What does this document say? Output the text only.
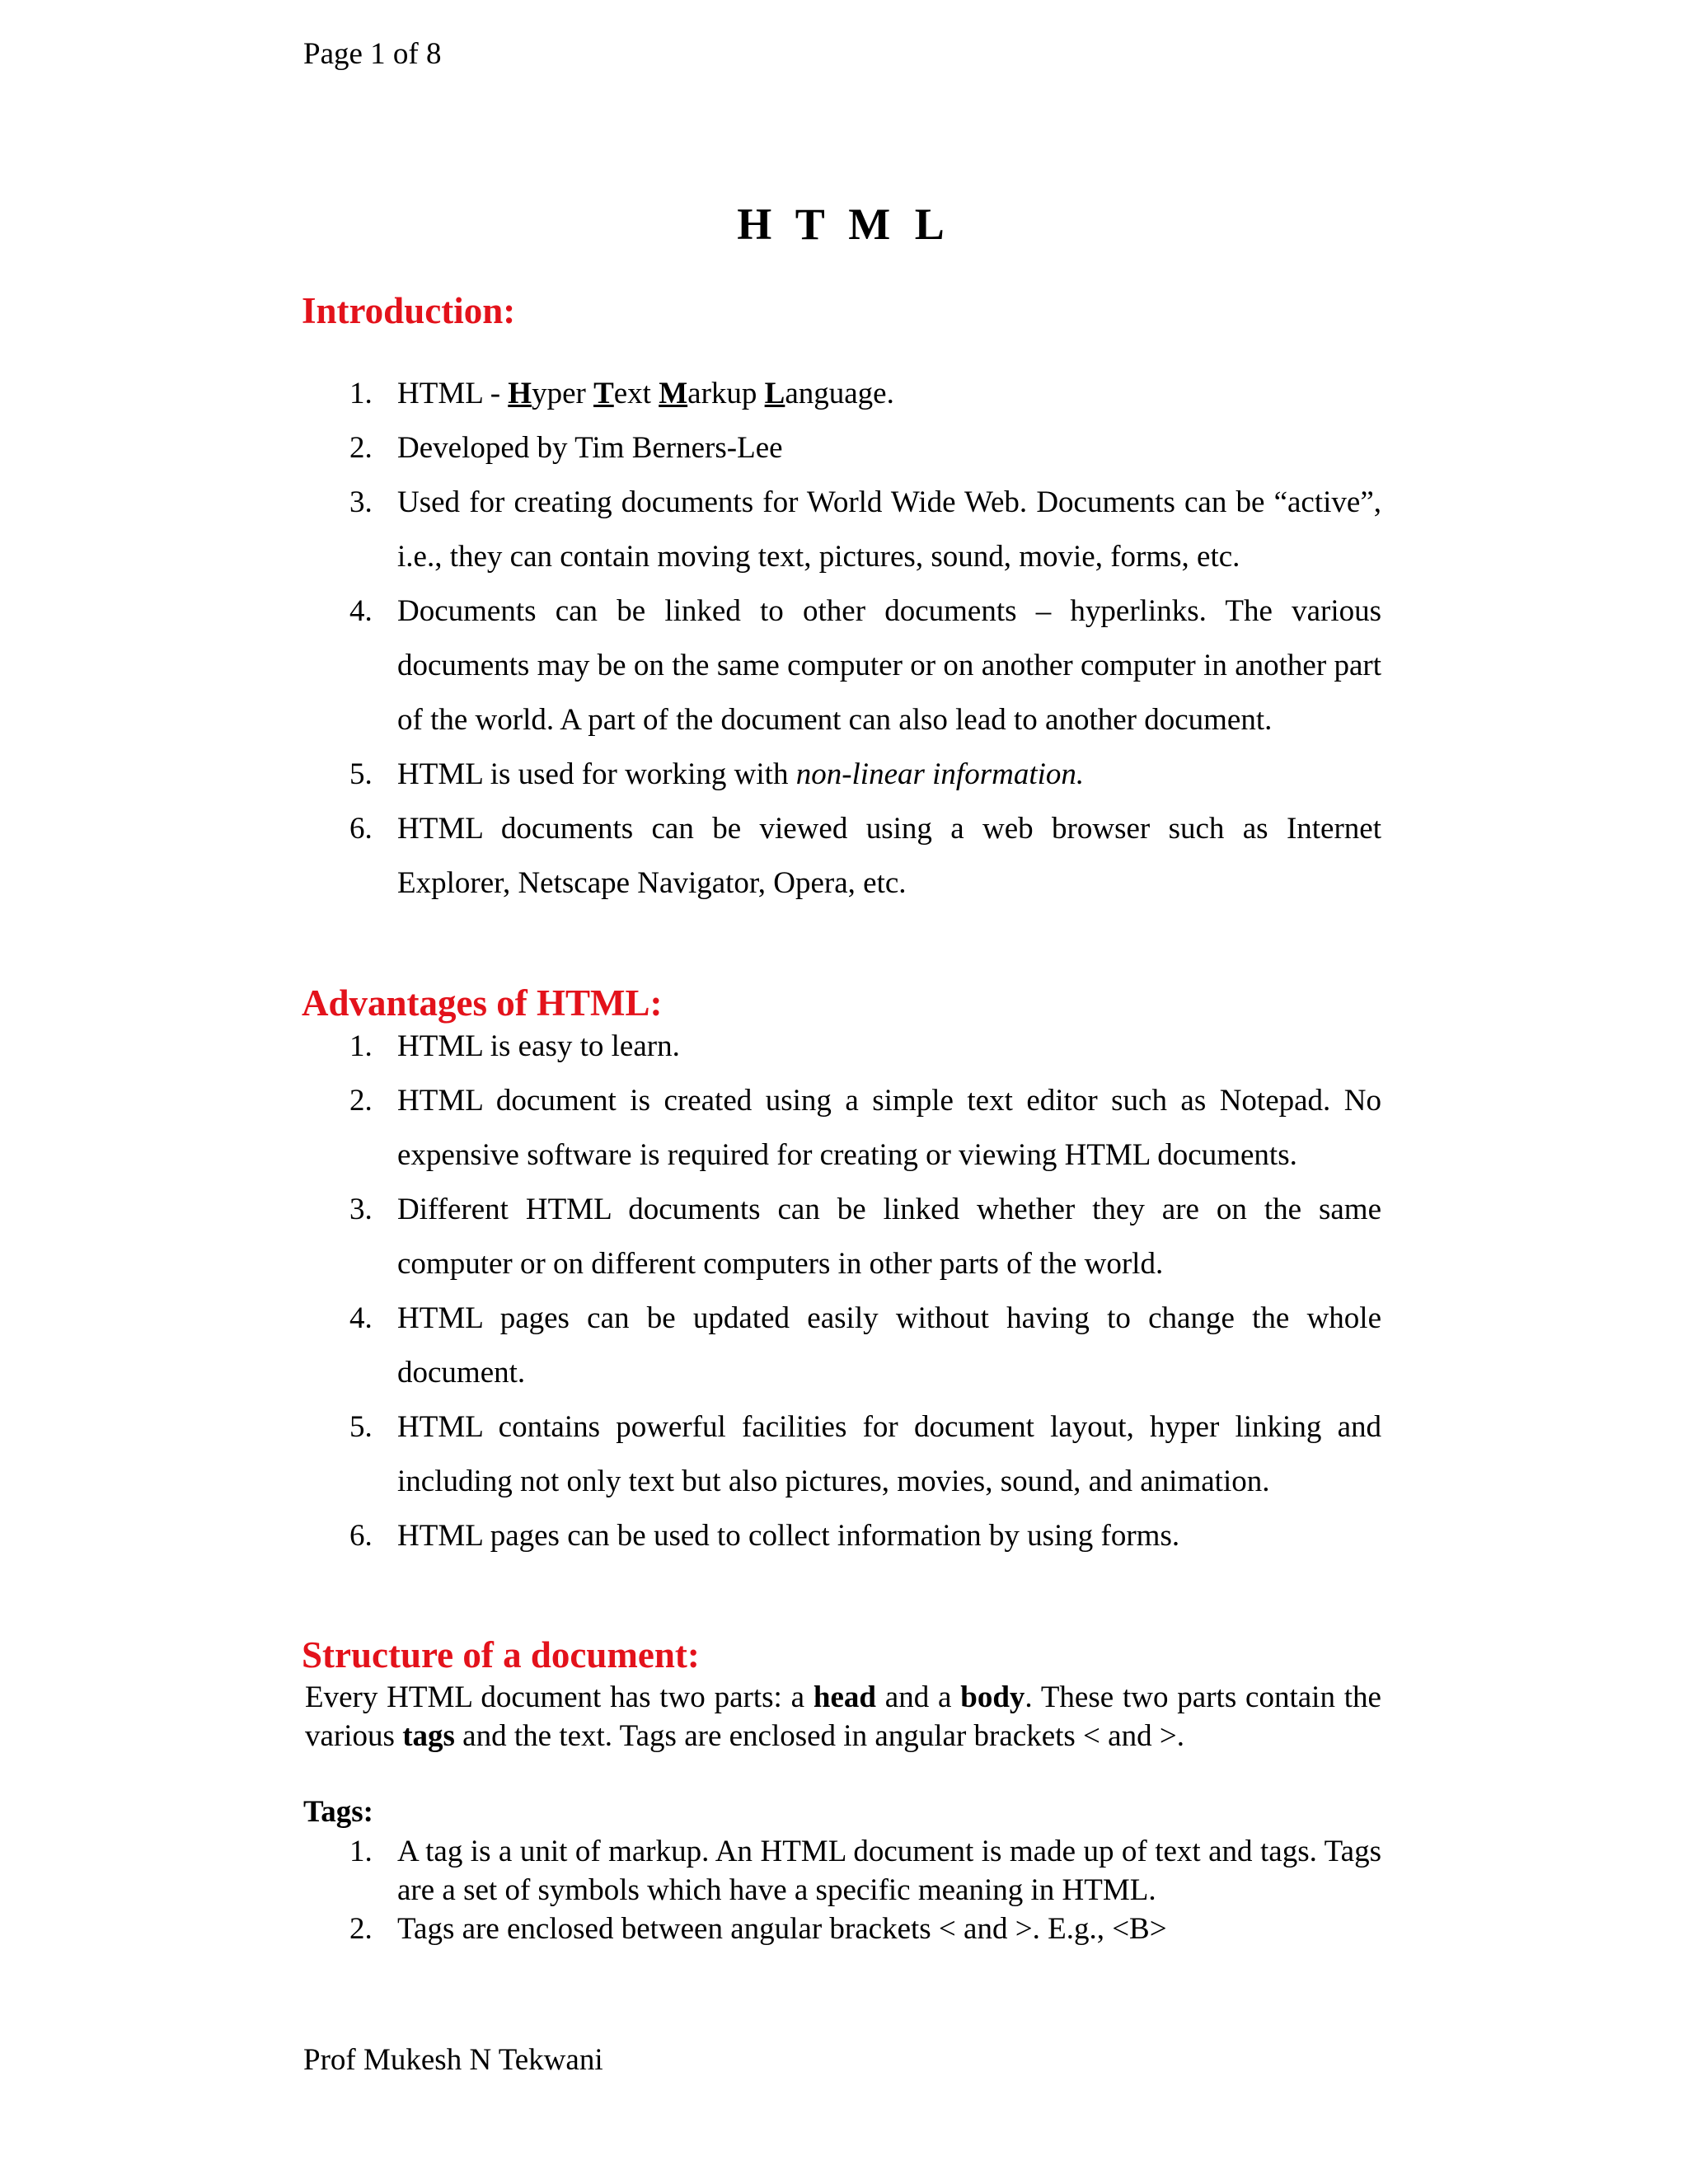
Page 1 of 8
H T M L
Introduction:
1. HTML - Hyper Text Markup Language.
2. Developed by Tim Berners-Lee
3. Used for creating documents for World Wide Web. Documents can be “active”, i.e., they can contain moving text, pictures, sound, movie, forms, etc.
4. Documents can be linked to other documents – hyperlinks. The various documents may be on the same computer or on another computer in another part of the world. A part of the document can also lead to another document.
5. HTML is used for working with non-linear information.
6. HTML documents can be viewed using a web browser such as Internet Explorer, Netscape Navigator, Opera, etc.
Advantages of HTML:
1. HTML is easy to learn.
2. HTML document is created using a simple text editor such as Notepad. No expensive software is required for creating or viewing HTML documents.
3. Different HTML documents can be linked whether they are on the same computer or on different computers in other parts of the world.
4. HTML pages can be updated easily without having to change the whole document.
5. HTML contains powerful facilities for document layout, hyper linking and including not only text but also pictures, movies, sound, and animation.
6. HTML pages can be used to collect information by using forms.
Structure of a document:

Every HTML document has two parts: a head and a body. These two parts contain the various tags and the text. Tags are enclosed in angular brackets < and >.

Tags:
1. A tag is a unit of markup. An HTML document is made up of text and tags. Tags are a set of symbols which have a specific meaning in HTML.
2. Tags are enclosed between angular brackets < and >. E.g., <B>
Prof Mukesh N Tekwani
